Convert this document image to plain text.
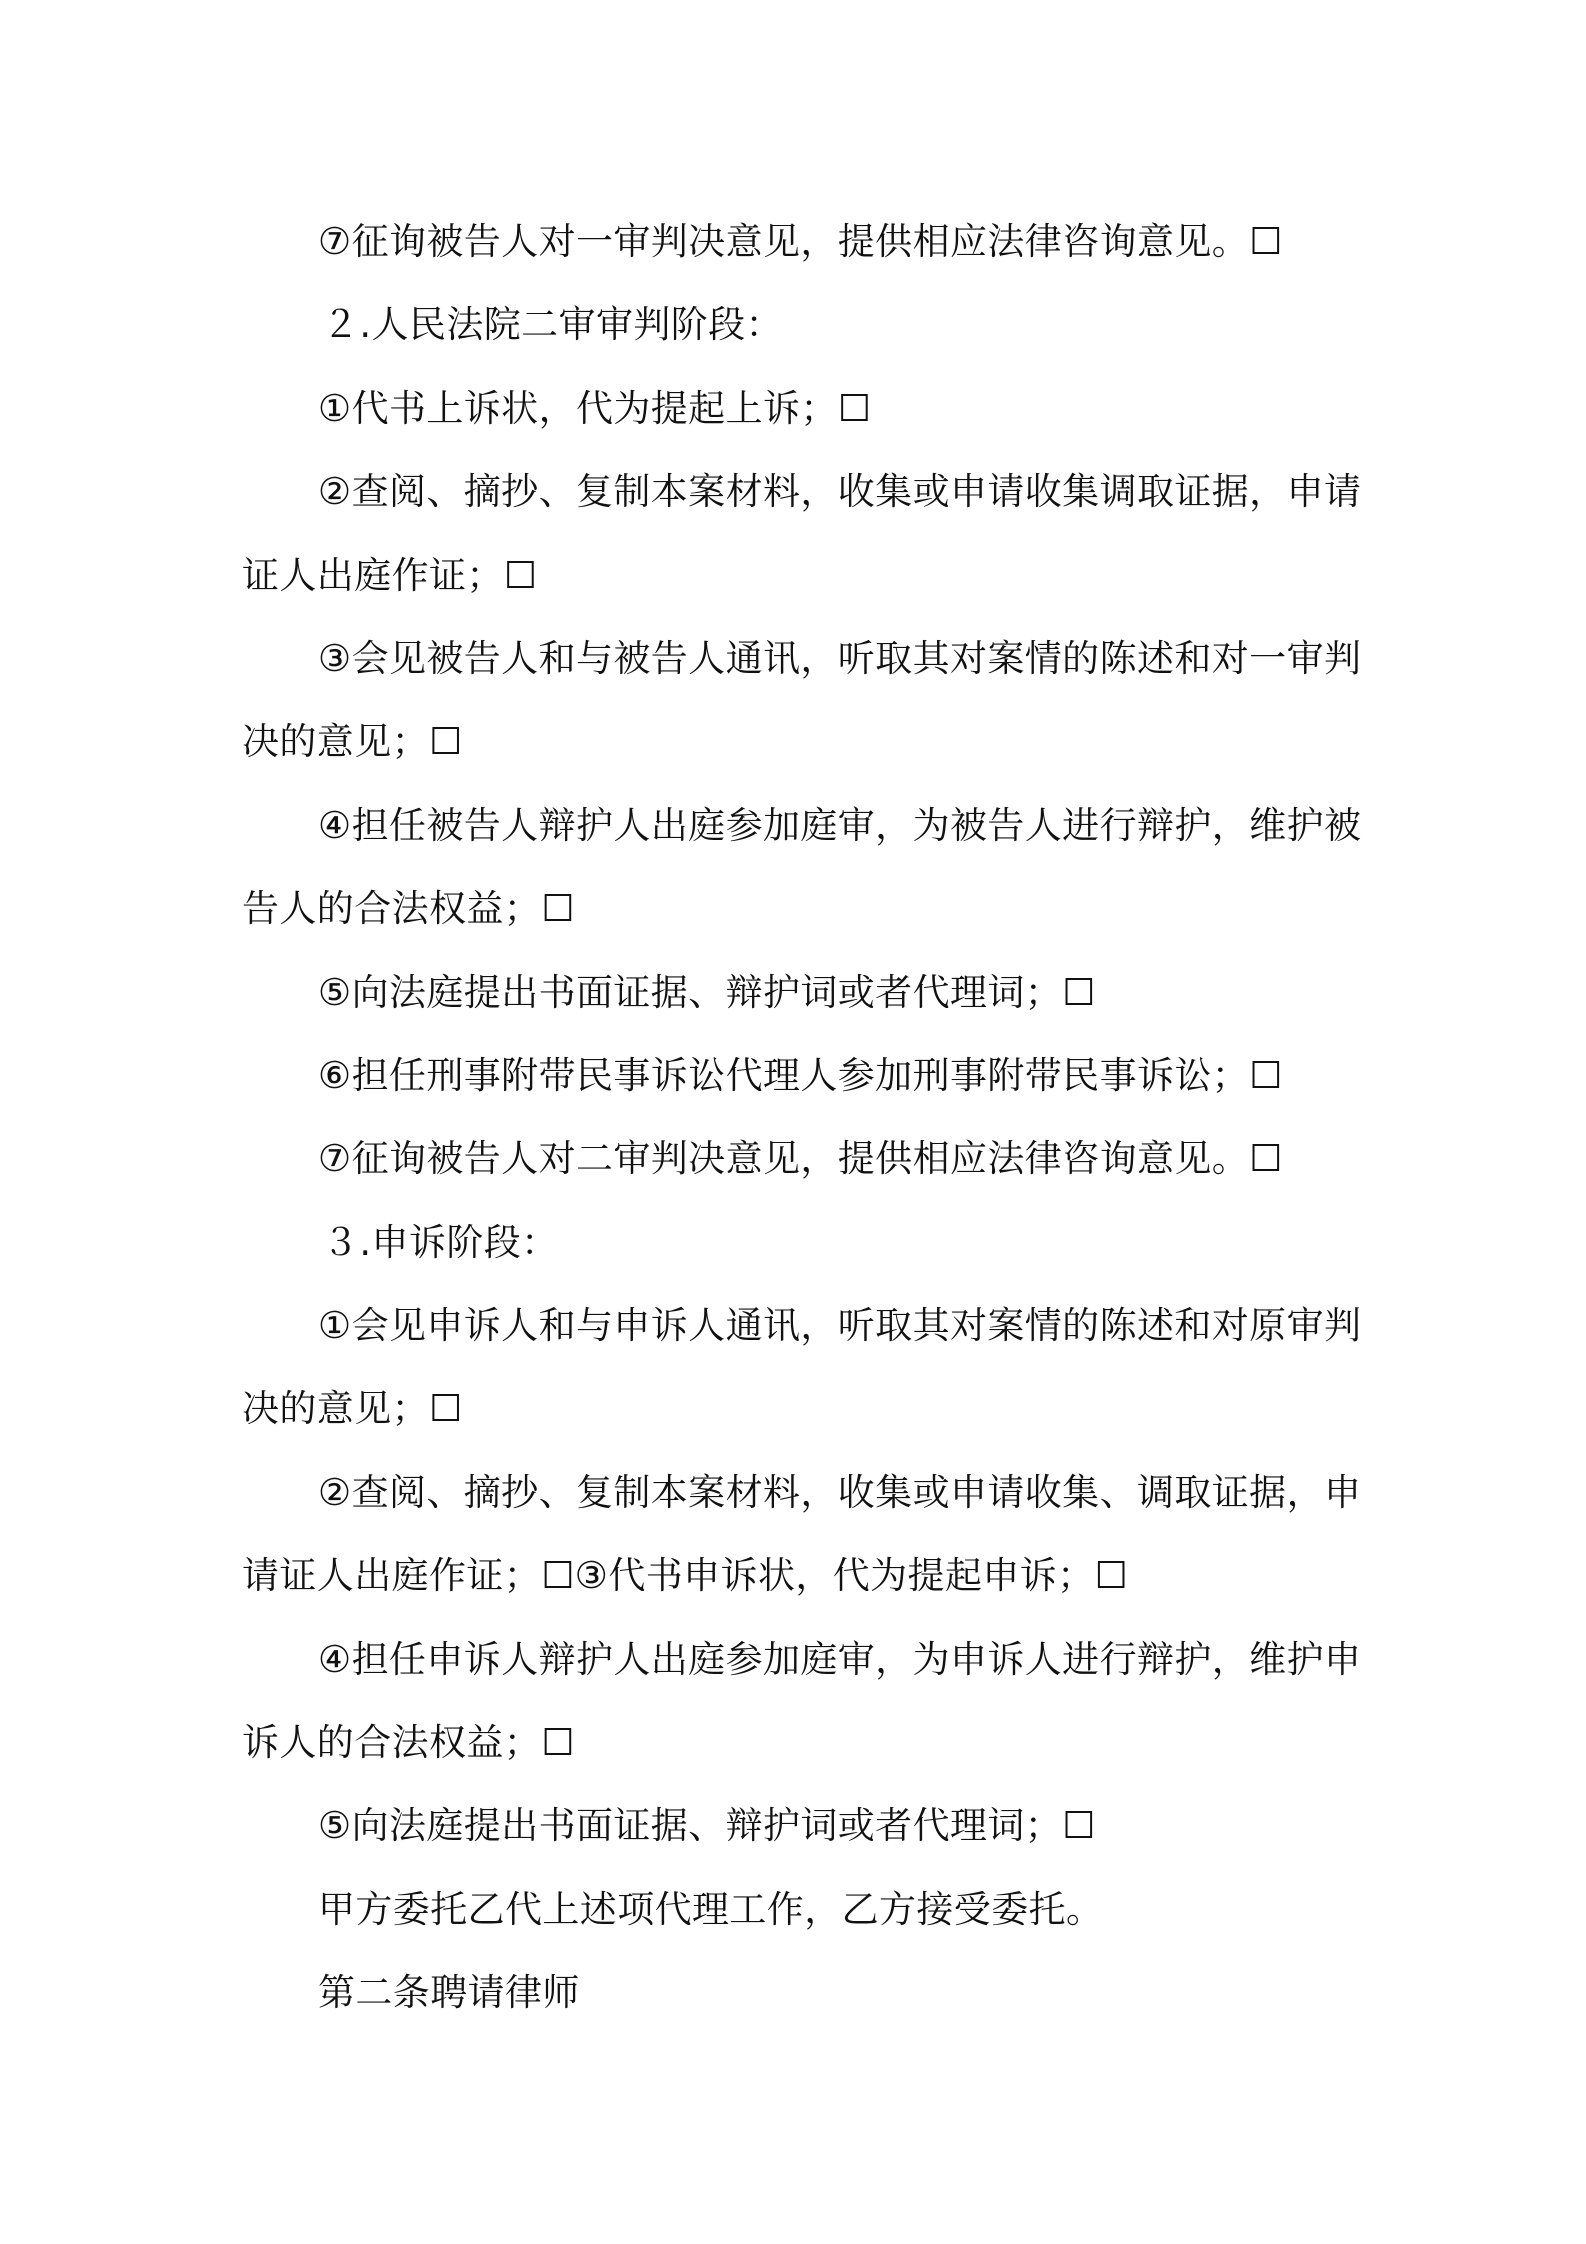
⑦征询被告人对一审判决意见，提供相应法律咨询意见。☐
２.人民法院二审审判阶段：
①代书上诉状，代为提起上诉；☐
②查阅、摘抄、复制本案材料，收集或申请收集调取证据，申请
证人出庭作证；☐
③会见被告人和与被告人通讯，听取其对案情的陈述和对一审判
决的意见；☐
④担任被告人辩护人出庭参加庭审，为被告人进行辩护，维护被
告人的合法权益；☐
⑤向法庭提出书面证据、辩护词或者代理词；☐
⑥担任刑事附带民事诉讼代理人参加刑事附带民事诉讼；☐
⑦征询被告人对二审判决意见，提供相应法律咨询意见。☐
３.申诉阶段：
①会见申诉人和与申诉人通讯，听取其对案情的陈述和对原审判
决的意见；☐
②查阅、摘抄、复制本案材料，收集或申请收集、调取证据，申
请证人出庭作证；☐③代书申诉状，代为提起申诉；☐
④担任申诉人辩护人出庭参加庭审，为申诉人进行辩护，维护申
诉人的合法权益；☐
⑤向法庭提出书面证据、辩护词或者代理词；☐
甲方委托乙代上述项代理工作，乙方接受委托。
第二条聘请律师
